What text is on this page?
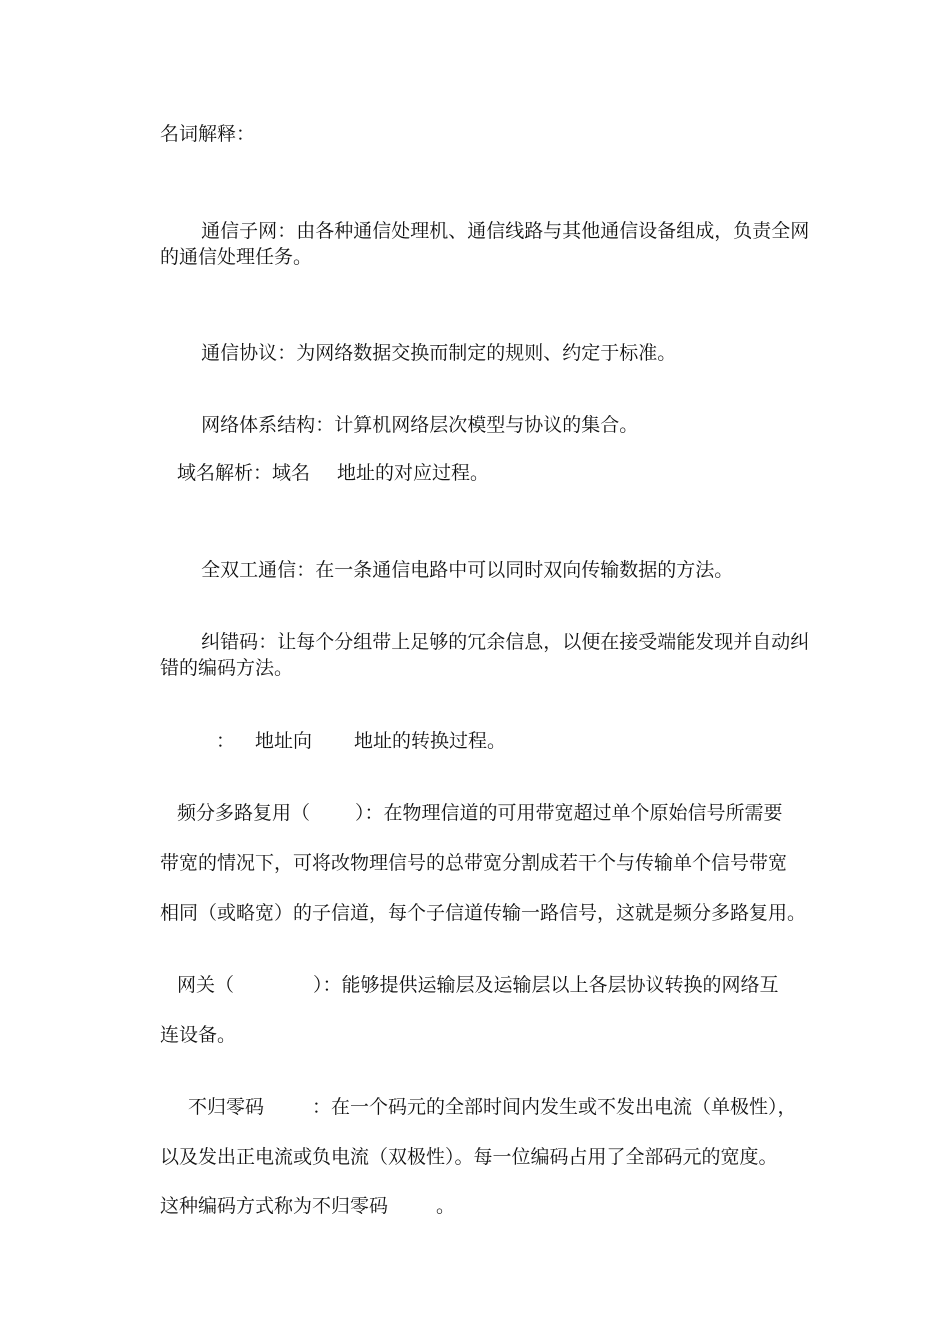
名词解释：

通信子网：由各种通信处理机、通信线路与其他通信设备组成，负责全网

的通信处理任务。

通信协议：为网络数据交换而制定的规则、约定于标准。

网络体系结构：计算机网络层次模型与协议的集合。

域名解析

：域名

地址的对应过程。

全双工通信：在一条通信电路中可以同时双向传输数据的方法。

纠错码：让每个分组带上足够的冗余信息，以便在接受端能发现并自动纠

错的编码方法。

：

地址向

地址的转换过程。

频分多路复用（

）：在物理信道的可用带宽超过单个原始信号所需要

带宽的情况下，可将改物理信号的总带宽分割成若干个与传输单个信号带宽
相同（或略宽）的子信道，每个子信道传输一路信号，这就是频分多路复用。

网关（

	）：能够提供运输层及运输层以上各层协议转换的网络互

连设备。

不归零码

	：在一个码元的全部时间内发生或不发出电流（单极性），

以及发出正电流或负电流（双极性）。每一位编码占用了全部码元的宽度。

这种编码方式称为不归零码

	。
